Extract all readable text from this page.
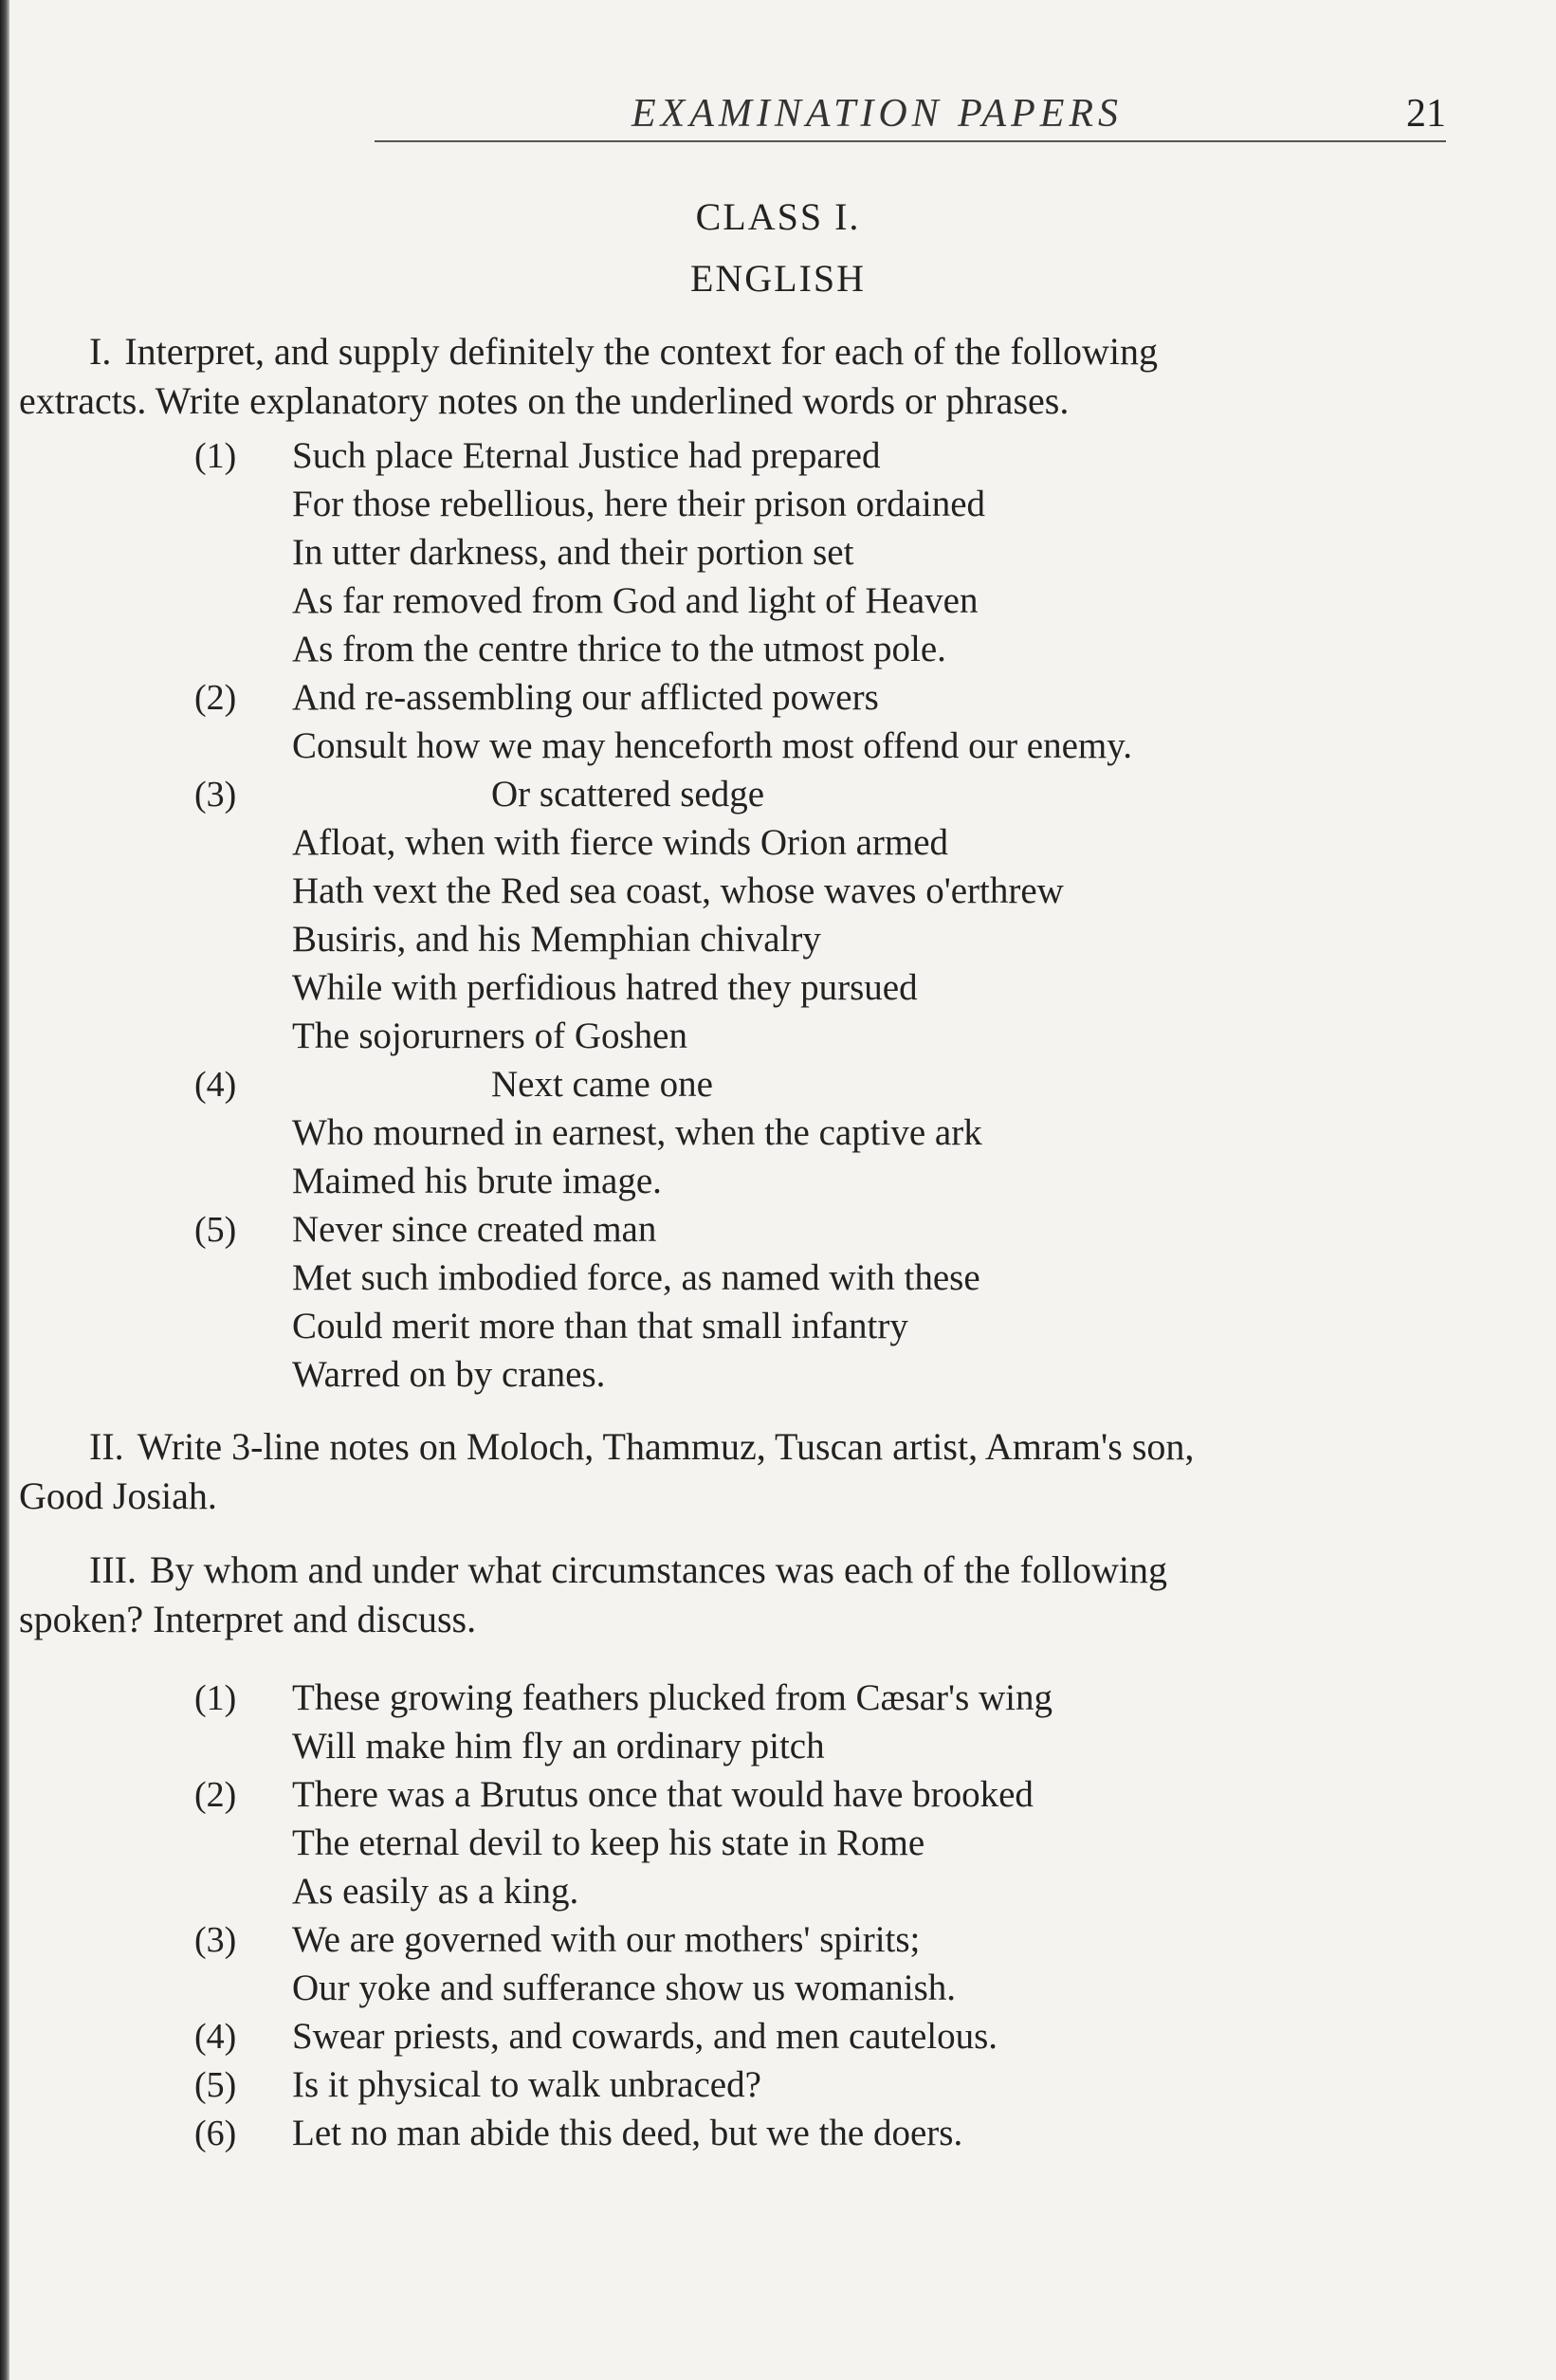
EXAMINATION PAPERS	21
CLASS I.
ENGLISH
I. Interpret, and supply definitely the context for each of the following
extracts. Write explanatory notes on the underlined words or phrases.
(1)	Such place Eternal Justice had prepared
For those rebellious, here their prison ordained
In utter darkness, and their portion set
As far removed from God and light of Heaven
As from the centre thrice to the utmost pole.
(2)	And re-assembling our afflicted powers
Consult how we may henceforth most offend our enemy.
(3)	Or scattered sedge
Afloat, when with fierce winds Orion armed
Hath vext the Red sea coast, whose waves o'erthrew
Busiris, and his Memphian chivalry
While with perfidious hatred they pursued
The sojorurners of Goshen
(4)	Next came one
Who mourned in earnest, when the captive ark
Maimed his brute image.
(5)	Never since created man
Met such imbodied force, as named with these
Could merit more than that small infantry
Warred on by cranes.
II. Write 3-line notes on Moloch, Thammuz, Tuscan artist, Amram's son,
Good Josiah.
III. By whom and under what circumstances was each of the following
spoken? Interpret and discuss.
(1)	These growing feathers plucked from Cæsar's wing
Will make him fly an ordinary pitch
(2)	There was a Brutus once that would have brooked
The eternal devil to keep his state in Rome
As easily as a king.
(3)	We are governed with our mothers' spirits;
Our yoke and sufferance show us womanish.
(4)	Swear priests, and cowards, and men cautelous.
(5)	Is it physical to walk unbraced?
(6)	Let no man abide this deed, but we the doers.
